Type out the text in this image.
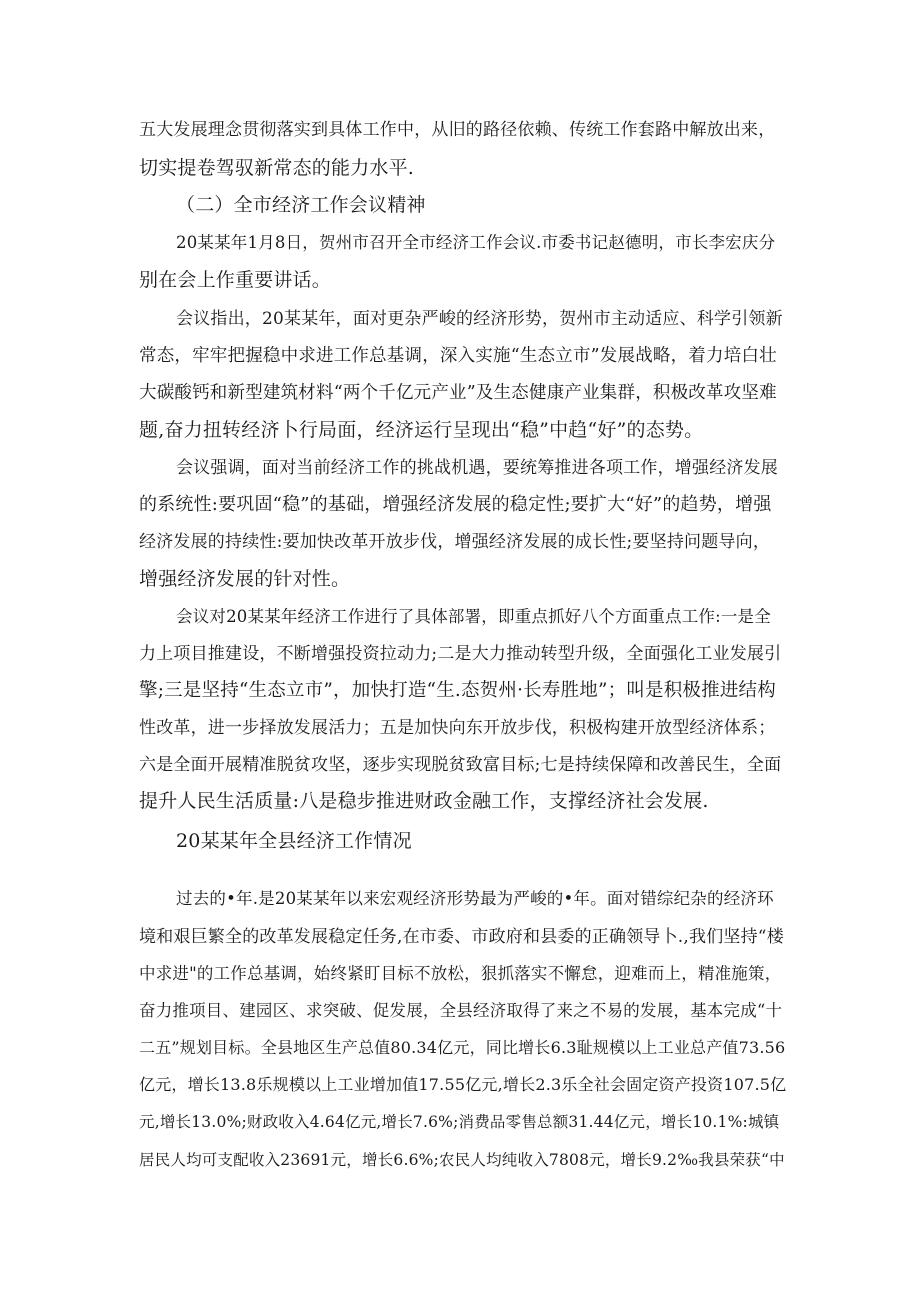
五大发展理念贯彻落实到具体工作中，从旧的路径依赖、传统工作套路中解放出来，

切实提卷驾驭新常态的能力水平.

（二）全市经济工作会议精神

20某某年1月8日，贺州市召开全市经济工作会议.市委书记赵德明，市长李宏庆分

别在会上作重要讲话。

会议指出，20某某年，面对更杂严峻的经济形势，贺州市主动适应、科学引领新

常态，牢牢把握稳中求进工作总基调，深入实施“生态立市”发展战略，着力培白壮

大碳酸钙和新型建筑材料“两个千亿元产业”及生态健康产业集群，积极改革攻坚难

题,奋力扭转经济卜行局面，经济运行呈现出“稳”中趋“好”的态势。

会议强调，面对当前经济工作的挑战机遇，要统筹推进各项工作，增强经济发展

的系统性:要巩固“稳”的基础，增强经济发展的稳定性;要扩大“好”的趋势，增强

经济发展的持续性:要加快改革开放步伐，增强经济发展的成长性;要坚持问题导向，

增强经济发展的针对性。

会议对20某某年经济工作进行了具体部署，即重点抓好八个方面重点工作:一是全

力上项目推建设，不断增强投资拉动力;二是大力推动转型升级，全面强化工业发展引

擎;三是坚持“生态立市”，加快打造“生.态贺州·长寿胜地”；叫是积极推进结构

性改革，进一步择放发展活力；五是加快向东开放步伐，积极构建开放型经济体系；

六是全面开展精准脱贫攻坚，逐步实现脱贫致富目标;七是持续保障和改善民生，全面

提升人民生活质量:八是稳步推进财政金融工作，支撑经济社会发展.

20某某年全县经济工作情况

过去的•年.是20某某年以来宏观经济形势最为严峻的•年。面对错综纪杂的经济环

境和艰巨繁全的改革发展稳定任务,在市委、市政府和县委的正确领导卜.,我们坚持“楼

中求进"的工作总基调，始终紧盯目标不放松，狠抓落实不懈怠，迎难而上，精准施策，

奋力推项目、建园区、求突破、促发展，全县经济取得了来之不易的发展，基本完成“十

二五”规划目标。全县地区生产总值80.34亿元，同比增长6.3耻规模以上工业总产值73.56

亿元，增长13.8乐规模以上工业增加值17.55亿元,增长2.3乐全社会固定资产投资107.5亿

元,增长13.0%;财政收入4.64亿元,增长7.6%;消费品零售总额31.44亿元，增长10.1%:城镇

居民人均可支配收入23691元，增长6.6%;农民人均纯收入7808元，增长9.2‰我县荣获“中
